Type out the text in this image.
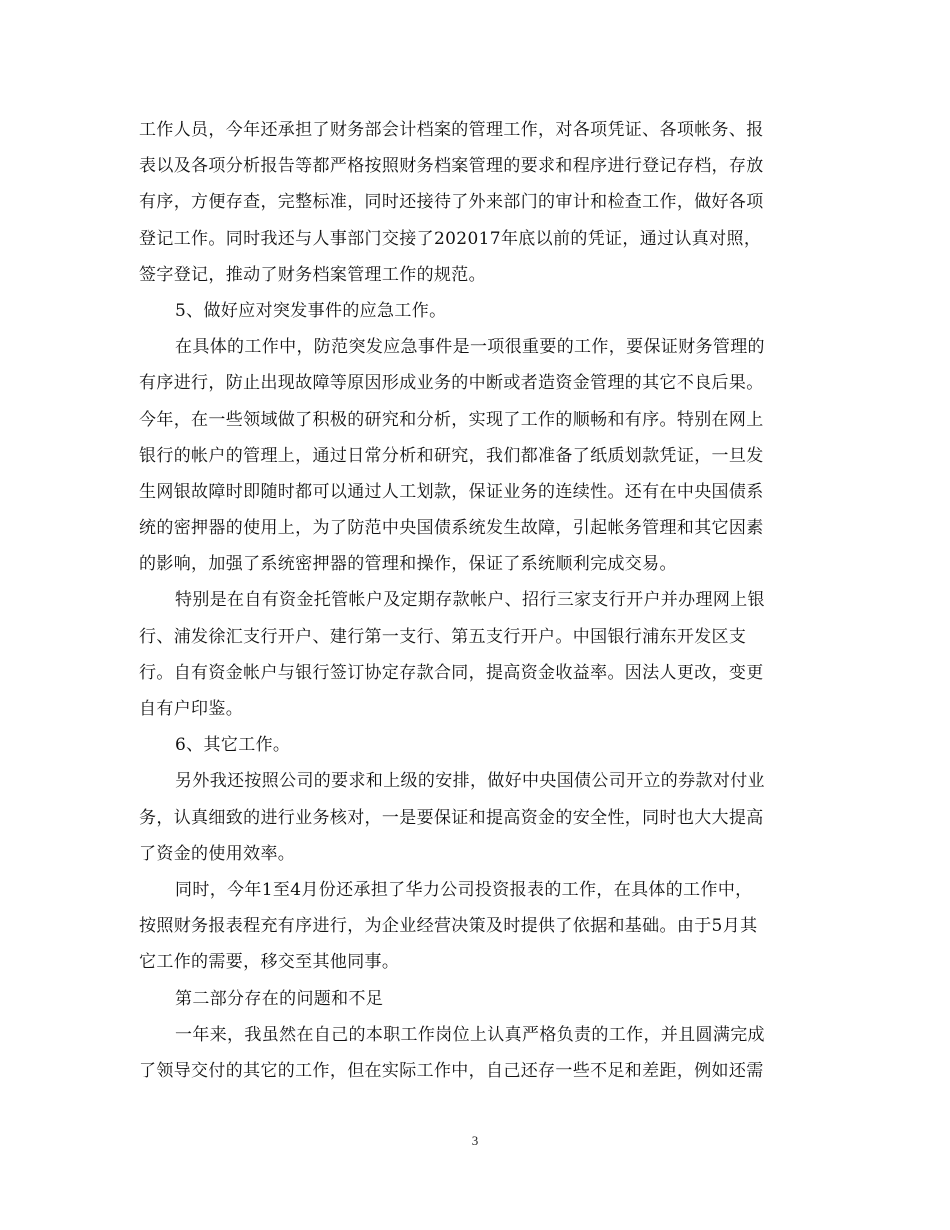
工作人员，今年还承担了财务部会计档案的管理工作，对各项凭证、各项帐务、报
表以及各项分析报告等都严格按照财务档案管理的要求和程序进行登记存档，存放
有序，方便存查，完整标准，同时还接待了外来部门的审计和检查工作，做好各项
登记工作。同时我还与人事部门交接了202017年底以前的凭证，通过认真对照，
签字登记，推动了财务档案管理工作的规范。
5、做好应对突发事件的应急工作。
在具体的工作中，防范突发应急事件是一项很重要的工作，要保证财务管理的
有序进行，防止出现故障等原因形成业务的中断或者造资金管理的其它不良后果。
今年，在一些领域做了积极的研究和分析，实现了工作的顺畅和有序。特别在网上
银行的帐户的管理上，通过日常分析和研究，我们都准备了纸质划款凭证，一旦发
生网银故障时即随时都可以通过人工划款，保证业务的连续性。还有在中央国债系
统的密押器的使用上，为了防范中央国债系统发生故障，引起帐务管理和其它因素
的影响，加强了系统密押器的管理和操作，保证了系统顺利完成交易。
特别是在自有资金托管帐户及定期存款帐户、招行三家支行开户并办理网上银
行、浦发徐汇支行开户、建行第一支行、第五支行开户。中国银行浦东开发区支
行。自有资金帐户与银行签订协定存款合同，提高资金收益率。因法人更改，变更
自有户印鉴。
6、其它工作。
另外我还按照公司的要求和上级的安排，做好中央国债公司开立的券款对付业
务，认真细致的进行业务核对，一是要保证和提高资金的安全性，同时也大大提高
了资金的使用效率。
同时，今年1至4月份还承担了华力公司投资报表的工作，在具体的工作中，
按照财务报表程充有序进行，为企业经营决策及时提供了依据和基础。由于5月其
它工作的需要，移交至其他同事。
第二部分存在的问题和不足
一年来，我虽然在自己的本职工作岗位上认真严格负责的工作，并且圆满完成
了领导交付的其它的工作，但在实际工作中，自己还存一些不足和差距，例如还需
3
